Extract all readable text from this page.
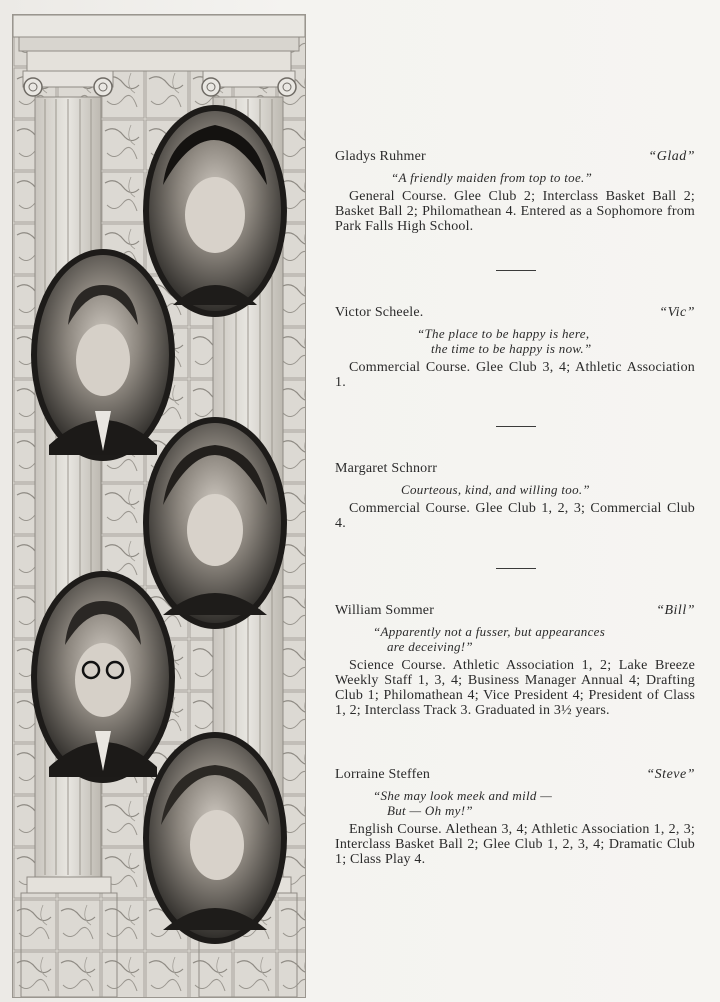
Gladys Ruhmer	“Glad”
“A friendly maiden from top to toe.”
General Course. Glee Club 2; Interclass Basket Ball 2; Basket Ball 2; Philomathean 4. Entered as a Sophomore from Park Falls High School.
Victor Scheele.	“Vic”
“The place to be happy is here,
the time to be happy is now.”
Commercial Course. Glee Club 3, 4; Athletic Association 1.
Margaret Schnorr
Courteous, kind, and willing too.”
Commercial Course. Glee Club 1, 2, 3; Commercial Club 4.
William Sommer	“Bill”
“Apparently not a fusser, but appearances
are deceiving!”
Science Course. Athletic Association 1, 2; Lake Breeze Weekly Staff 1, 3, 4; Business Manager Annual 4; Drafting Club 1; Philomathean 4; Vice President 4; President of Class 1, 2; Interclass Track 3. Graduated in 3½ years.
Lorraine Steffen	“Steve”
“She may look meek and mild —
But — Oh my!”
English Course. Alethean 3, 4; Athletic Association 1, 2, 3; Interclass Basket Ball 2; Glee Club 1, 2, 3, 4; Dramatic Club 1; Class Play 4.
